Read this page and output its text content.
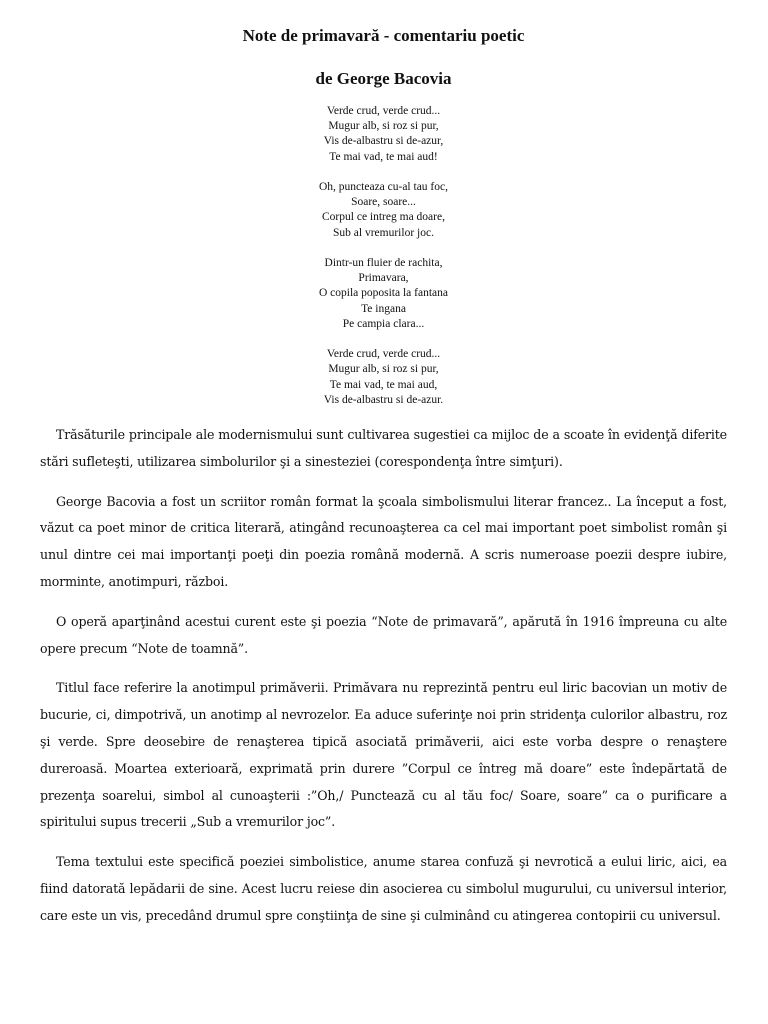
Note de primavară - comentariu poetic
de George Bacovia
Verde crud, verde crud...
Mugur alb, si roz si pur,
Vis de-albastru si de-azur,
Te mai vad, te mai aud!
Oh, puncteaza cu-al tau foc,
Soare, soare...
Corpul ce intreg ma doare,
Sub al vremurilor joc.
Dintr-un fluier de rachita,
Primavara,
O copila poposita la fantana
Te ingana
Pe campia clara...
Verde crud, verde crud...
Mugur alb, si roz si pur,
Te mai vad, te mai aud,
Vis de-albastru si de-azur.

Trăsăturile principale ale modernismului sunt cultivarea sugestiei ca mijloc de a scoate în evidenţă diferite stări sufleteşti, utilizarea simbolurilor şi a sinesteziei (corespondenţa între simţuri).

George Bacovia a fost un scriitor român format la şcoala simbolismului literar francez.. La început a fost, văzut ca poet minor de critica literară, atingând recunoaşterea ca cel mai important poet simbolist român şi unul dintre cei mai importanţi poeţi din poezia română modernă. A scris numeroase poezii despre iubire, morminte, anotimpuri, război.

O operă aparţinând acestui curent este şi poezia “Note de primavară”, apărută în 1916 împreuna cu alte opere precum “Note de toamnă”.

Titlul face referire la anotimpul primăverii. Primăvara nu reprezintă pentru eul liric bacovian un motiv de bucurie, ci, dimpotrivă, un anotimp al nevrozelor. Ea aduce suferinţe noi prin stridenţa culorilor albastru, roz şi verde. Spre deosebire de renaşterea tipică asociată primăverii, aici este vorba despre o renaştere dureroasă. Moartea exterioară, exprimată prin durere ”Corpul ce întreg mă doare” este îndepărtată de prezenţa soarelui, simbol al cunoaşterii :”Oh,/ Punctează cu al tău foc/ Soare, soare” ca o purificare a spiritului supus trecerii „Sub a vremurilor joc”.

Tema textului este specifică poeziei simbolistice, anume starea confuză şi nevrotică a eului liric, aici, ea fiind datorată lepădarii de sine. Acest lucru reiese din asocierea cu simbolul mugurului, cu universul interior, care este un vis, precedând drumul spre conştiinţa de sine şi culminând cu atingerea contopirii cu universul.
